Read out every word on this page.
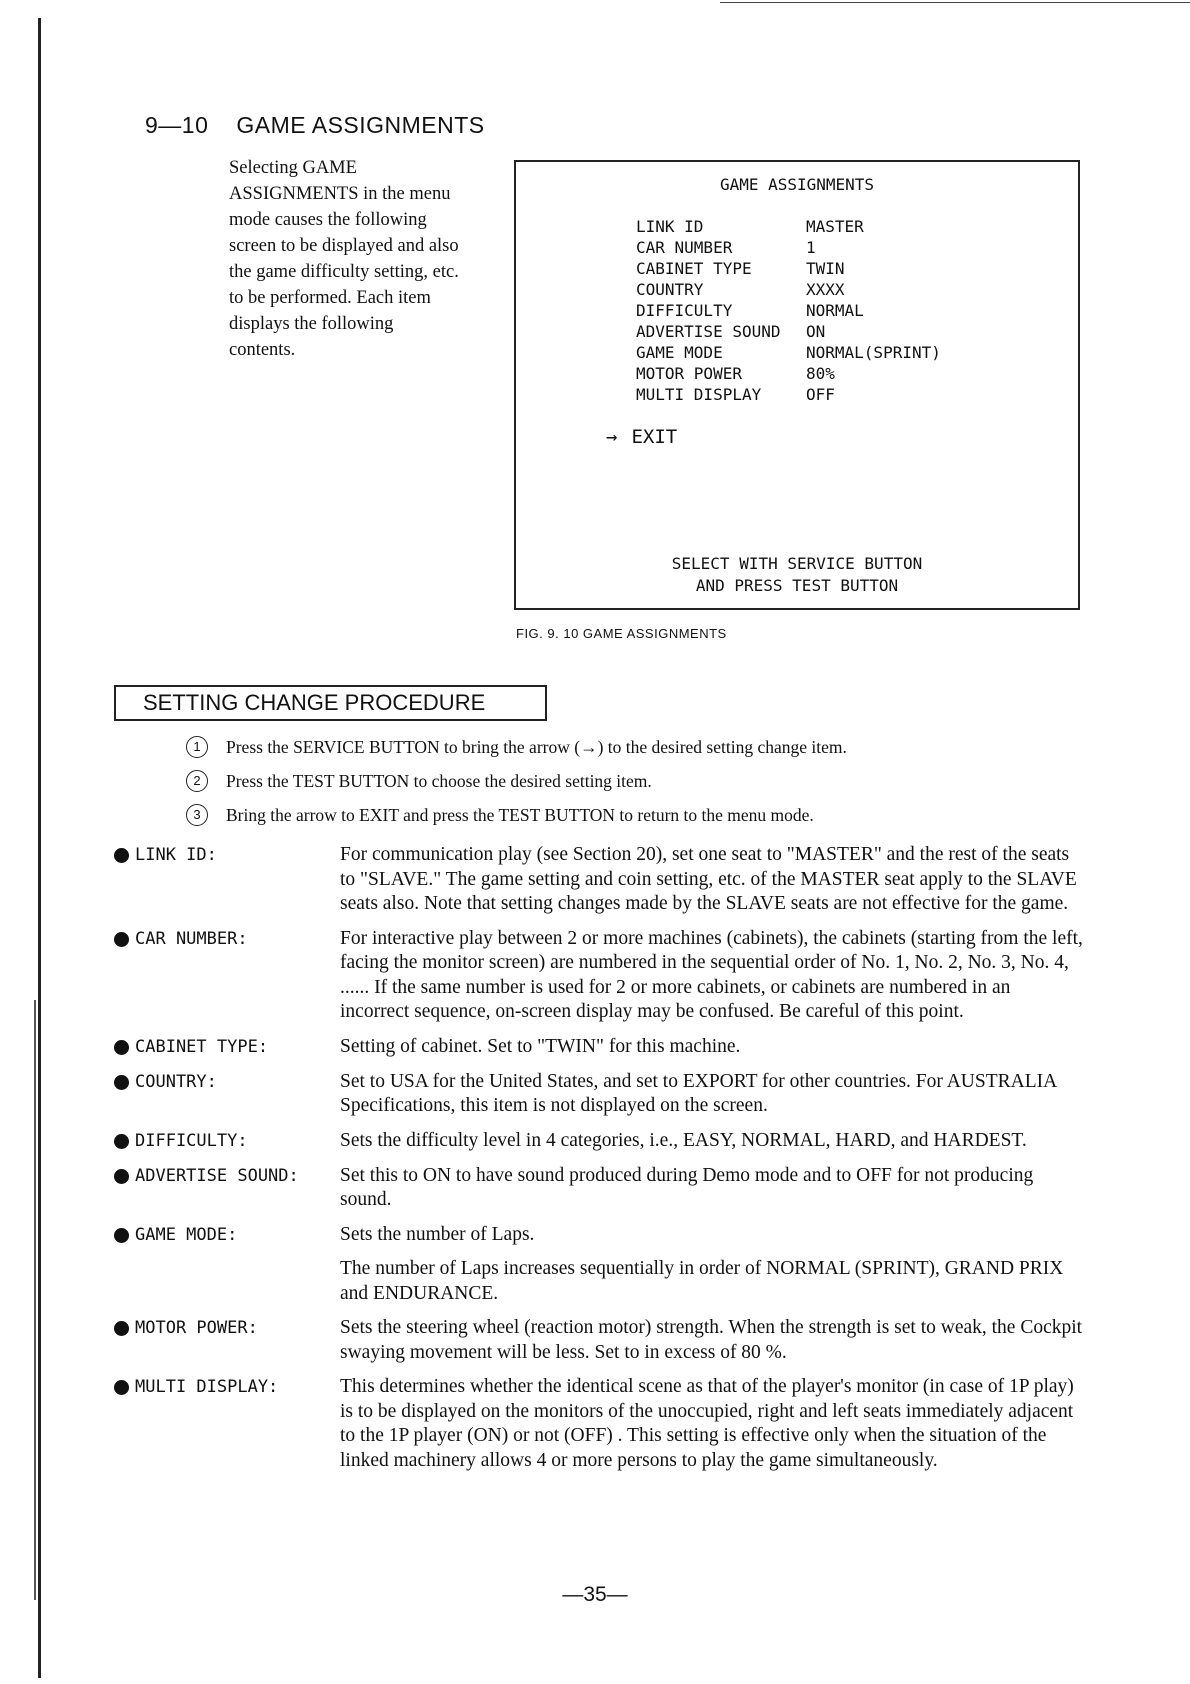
9—10 GAME ASSIGNMENTS
Selecting GAME ASSIGNMENTS in the menu mode causes the following screen to be displayed and also the game difficulty setting, etc. to be performed. Each item displays the following contents.
GAME ASSIGNMENTS
LINK ID	MASTER
CAR NUMBER	1
CABINET TYPE	TWIN
COUNTRY	XXXX
DIFFICULTY	NORMAL
ADVERTISE SOUND	ON
GAME MODE	NORMAL(SPRINT)
MOTOR POWER	80%
MULTI DISPLAY	OFF
→ EXIT
SELECT WITH SERVICE BUTTON
AND PRESS TEST BUTTON
FIG. 9. 10 GAME ASSIGNMENTS
SETTING CHANGE PROCEDURE
1	Press the SERVICE BUTTON to bring the arrow (→) to the desired setting change item.
2	Press the TEST BUTTON to choose the desired setting item.
3	Bring the arrow to EXIT and press the TEST BUTTON to return to the menu mode.
LINK ID:	For communication play (see Section 20), set one seat to "MASTER" and the rest of the seats to "SLAVE." The game setting and coin setting, etc. of the MASTER seat apply to the SLAVE seats also. Note that setting changes made by the SLAVE seats are not effective for the game.

CAR NUMBER:	For interactive play between 2 or more machines (cabinets), the cabinets (starting from the left, facing the monitor screen) are numbered in the sequential order of No. 1, No. 2, No. 3, No. 4, ...... If the same number is used for 2 or more cabinets, or cabinets are numbered in an incorrect sequence, on-screen display may be confused. Be careful of this point.

CABINET TYPE:	Setting of cabinet. Set to "TWIN" for this machine.

COUNTRY:	Set to USA for the United States, and set to EXPORT for other countries. For AUSTRALIA Specifications, this item is not displayed on the screen.

DIFFICULTY:	Sets the difficulty level in 4 categories, i.e., EASY, NORMAL, HARD, and HARDEST.

ADVERTISE SOUND: Set this to ON to have sound produced during Demo mode and to OFF for not producing sound.

GAME MODE:	Sets the number of Laps.

The number of Laps increases sequentially in order of NORMAL (SPRINT), GRAND PRIX and ENDURANCE.

MOTOR POWER:	Sets the steering wheel (reaction motor) strength. When the strength is set to weak, the Cockpit swaying movement will be less. Set to in excess of 80 %.

MULTI DISPLAY:	This determines whether the identical scene as that of the player's monitor (in case of 1P play) is to be displayed on the monitors of the unoccupied, right and left seats immediately adjacent to the 1P player (ON) or not (OFF) . This setting is effective only when the situation of the linked machinery allows 4 or more persons to play the game simultaneously.

—35—
